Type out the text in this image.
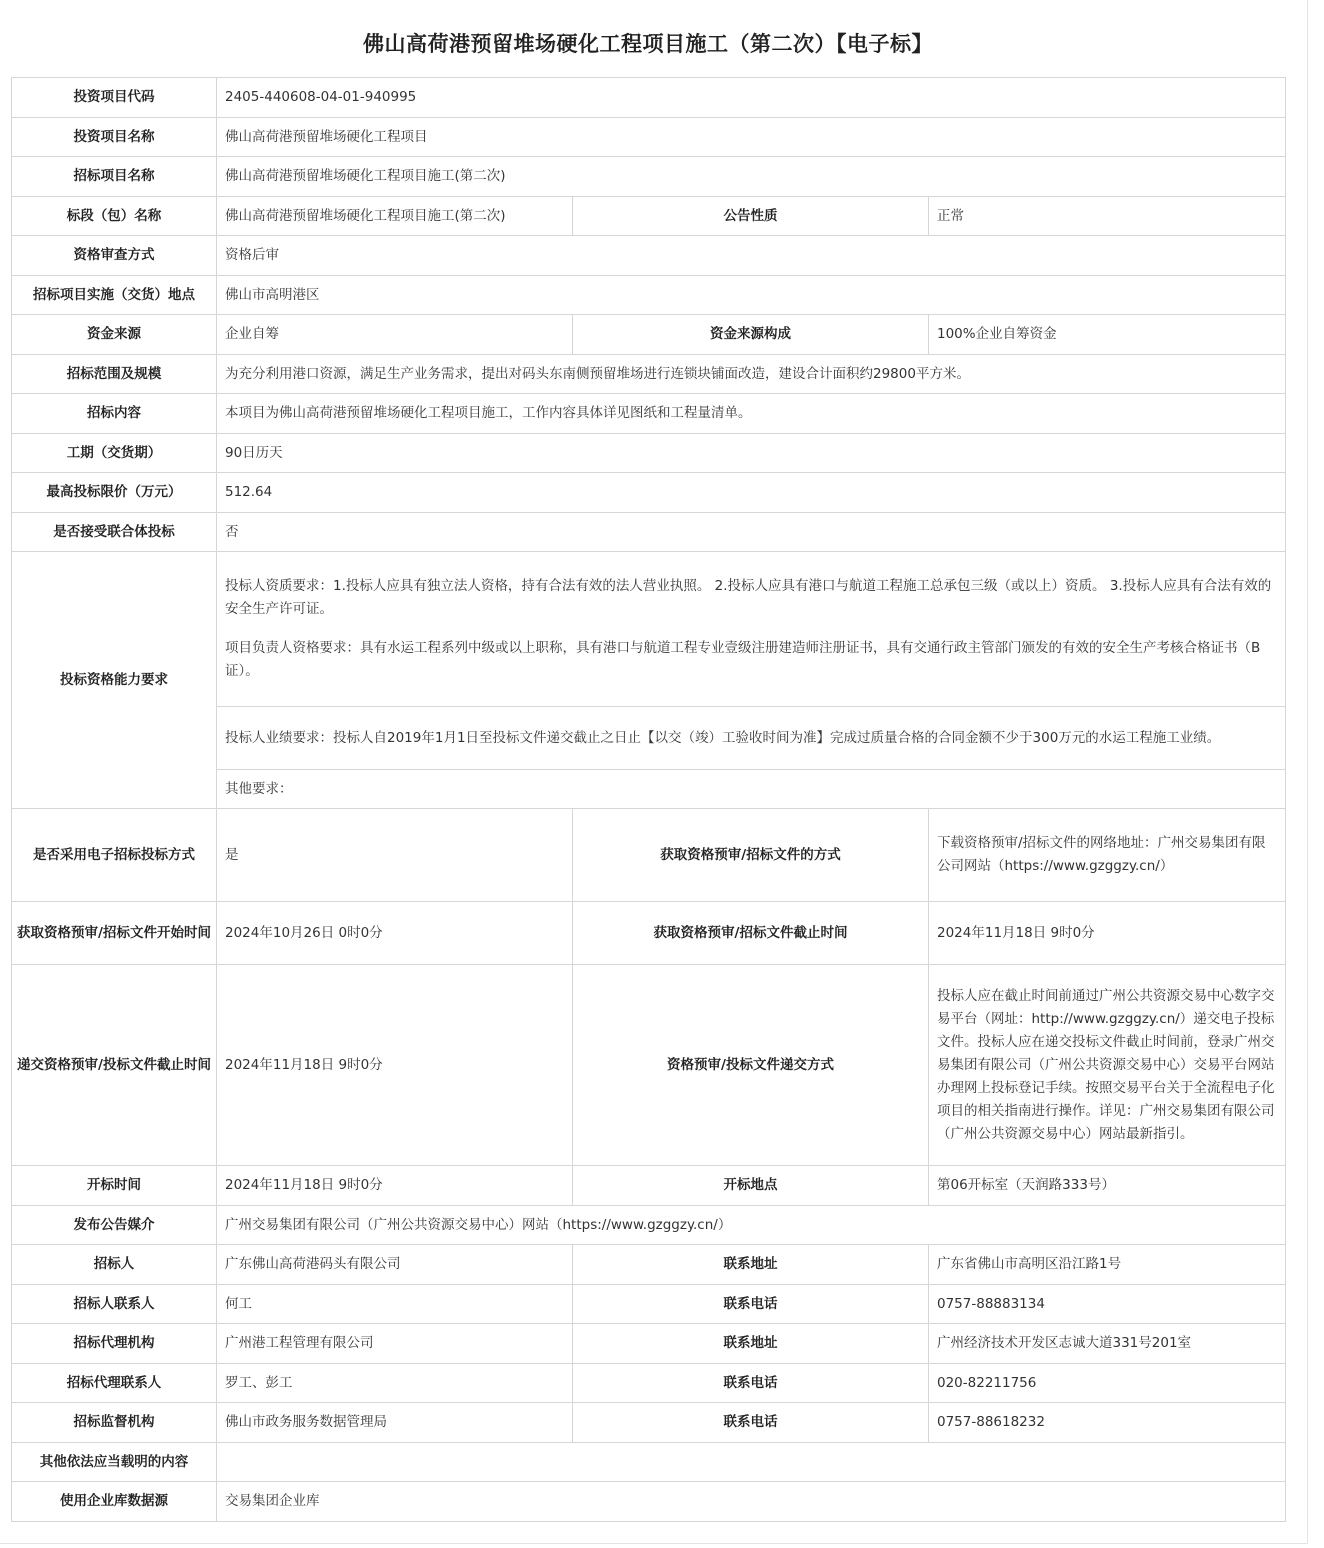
佛山高荷港预留堆场硬化工程项目施工（第二次）【电子标】
投资项目代码	2405-440608-04-01-940995		
投资项目名称	佛山高荷港预留堆场硬化工程项目		
招标项目名称	佛山高荷港预留堆场硬化工程项目施工(第二次)		
标段（包）名称	佛山高荷港预留堆场硬化工程项目施工(第二次)	公告性质	正常
资格审查方式	资格后审		
招标项目实施（交货）地点	佛山市高明港区		
资金来源	企业自筹	资金来源构成	100%企业自筹资金
招标范围及规模	为充分利用港口资源，满足生产业务需求，提出对码头东南侧预留堆场进行连锁块铺面改造，建设合计面积约29800平方米。		
招标内容	本项目为佛山高荷港预留堆场硬化工程项目施工，工作内容具体详见图纸和工程量清单。		
工期（交货期）	90日历天		
最高投标限价（万元）	512.64		
是否接受联合体投标	否		
投标资格能力要求	投标人资质要求：1.投标人应具有独立法人资格，持有合法有效的法人营业执照。 2.投标人应具有港口与航道工程施工总承包三级（或以上）资质。 3.投标人应具有合法有效的安全生产许可证。

项目负责人资格要求：具有水运工程系列中级或以上职称，具有港口与航道工程专业壹级注册建造师注册证书，具有交通行政主管部门颁发的有效的安全生产考核合格证书（B证）。		

	投标人业绩要求：投标人自2019年1月1日至投标文件递交截止之日止【以交（竣）工验收时间为准】完成过质量合格的合同金额不少于300万元的水运工程施工业绩。		
	其他要求：		
是否采用电子招标投标方式	是	获取资格预审/招标文件的方式	下载资格预审/招标文件的网络地址：广州交易集团有限公司网站（https://www.gzggzy.cn/）
获取资格预审/招标文件开始时间	2024年10月26日 0时0分	获取资格预审/招标文件截止时间	2024年11月18日 9时0分
递交资格预审/投标文件截止时间	2024年11月18日 9时0分	资格预审/投标文件递交方式	投标人应在截止时间前通过广州公共资源交易中心数字交易平台（网址：http://www.gzggzy.cn/）递交电子投标文件。投标人应在递交投标文件截止时间前，登录广州交易集团有限公司（广州公共资源交易中心）交易平台网站办理网上投标登记手续。按照交易平台关于全流程电子化项目的相关指南进行操作。详见：广州交易集团有限公司（广州公共资源交易中心）网站最新指引。
开标时间	2024年11月18日 9时0分	开标地点	第06开标室（天润路333号）
发布公告媒介	广州交易集团有限公司（广州公共资源交易中心）网站（https://www.gzggzy.cn/）		
招标人	广东佛山高荷港码头有限公司	联系地址	广东省佛山市高明区沿江路1号
招标人联系人	何工	联系电话	0757-88883134
招标代理机构	广州港工程管理有限公司	联系地址	广州经济技术开发区志诚大道331号201室
招标代理联系人	罗工、彭工	联系电话	020-82211756
招标监督机构	佛山市政务服务数据管理局	联系电话	0757-88618232
其他依法应当载明的内容			
使用企业库数据源	交易集团企业库		
